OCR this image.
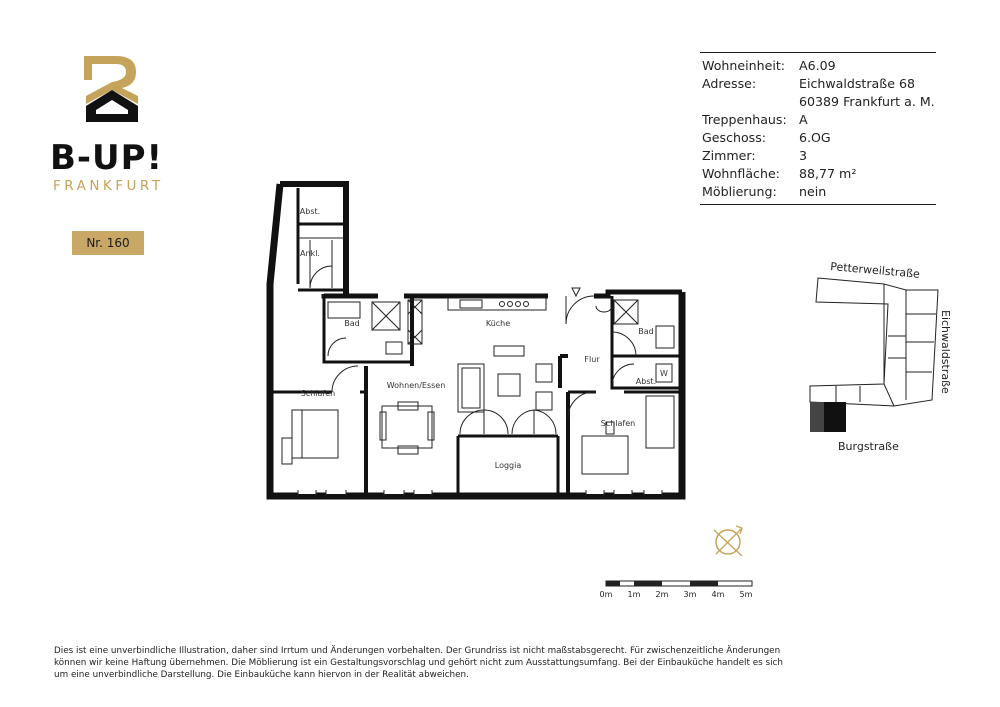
B-UP!
FRANKFURT
Nr. 160
Wohneinheit:	A6.09
Adresse:	Eichwaldstraße 68
60389 Frankfurt a. M.
Treppenhaus: A
Geschoss:	6.OG
Zimmer:	3
Wohnfläche:	88,77 m²
Möblierung:	nein
Abst.
Ankl.
Bad	Küche
Bad
Flur
Abst.
W
Schlafen
Wohnen/Essen
Schlafen
Loggia
Petterweilstraße
Eichwaldstraße
Burgstraße
0m 1m 2m 3m 4m 5m
Dies ist eine unverbindliche Illustration, daher sind Irrtum und Änderungen vorbehalten. Der Grundriss ist nicht maßstabsgerecht. Für zwischenzeitliche Änderungen können wir keine Haftung übernehmen. Die Möblierung ist ein Gestaltungsvorschlag und gehört nicht zum Ausstattungsumfang. Bei der Einbauküche handelt es sich um eine unverbindliche Darstellung. Die Einbauküche kann hiervon in der Realität abweichen.
